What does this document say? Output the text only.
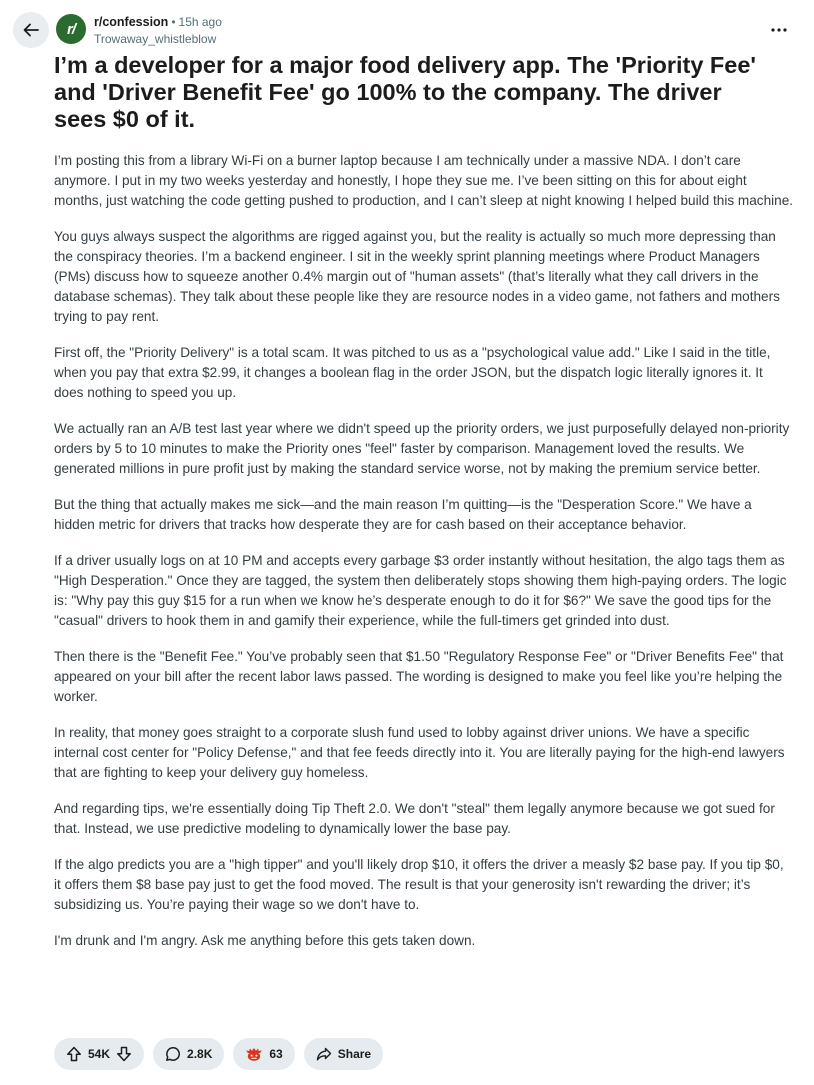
r/ r/confession • 15h ago
Trowaway_whistleblow
I’m a developer for a major food delivery app. The 'Priority Fee' and 'Driver Benefit Fee' go 100% to the company. The driver sees $0 of it.

I’m posting this from a library Wi-Fi on a burner laptop because I am technically under a massive NDA. I don’t care anymore. I put in my two weeks yesterday and honestly, I hope they sue me. I’ve been sitting on this for about eight months, just watching the code getting pushed to production, and I can’t sleep at night knowing I helped build this machine.

You guys always suspect the algorithms are rigged against you, but the reality is actually so much more depressing than the conspiracy theories. I’m a backend engineer. I sit in the weekly sprint planning meetings where Product Managers (PMs) discuss how to squeeze another 0.4% margin out of "human assets" (that’s literally what they call drivers in the database schemas). They talk about these people like they are resource nodes in a video game, not fathers and mothers trying to pay rent.

First off, the "Priority Delivery" is a total scam. It was pitched to us as a "psychological value add." Like I said in the title, when you pay that extra $2.99, it changes a boolean flag in the order JSON, but the dispatch logic literally ignores it. It does nothing to speed you up.

We actually ran an A/B test last year where we didn't speed up the priority orders, we just purposefully delayed non-priority orders by 5 to 10 minutes to make the Priority ones "feel" faster by comparison. Management loved the results. We generated millions in pure profit just by making the standard service worse, not by making the premium service better.

But the thing that actually makes me sick—and the main reason I’m quitting—is the "Desperation Score." We have a hidden metric for drivers that tracks how desperate they are for cash based on their acceptance behavior.

If a driver usually logs on at 10 PM and accepts every garbage $3 order instantly without hesitation, the algo tags them as "High Desperation." Once they are tagged, the system then deliberately stops showing them high-paying orders. The logic is: "Why pay this guy $15 for a run when we know he’s desperate enough to do it for $6?" We save the good tips for the "casual" drivers to hook them in and gamify their experience, while the full-timers get grinded into dust.

Then there is the "Benefit Fee." You’ve probably seen that $1.50 "Regulatory Response Fee" or "Driver Benefits Fee" that appeared on your bill after the recent labor laws passed. The wording is designed to make you feel like you’re helping the worker.

In reality, that money goes straight to a corporate slush fund used to lobby against driver unions. We have a specific internal cost center for "Policy Defense," and that fee feeds directly into it. You are literally paying for the high-end lawyers that are fighting to keep your delivery guy homeless.

And regarding tips, we're essentially doing Tip Theft 2.0. We don't "steal" them legally anymore because we got sued for that. Instead, we use predictive modeling to dynamically lower the base pay.

If the algo predicts you are a "high tipper" and you'll likely drop $10, it offers the driver a measly $2 base pay. If you tip $0, it offers them $8 base pay just to get the food moved. The result is that your generosity isn't rewarding the driver; it’s subsidizing us. You’re paying their wage so we don't have to.

I'm drunk and I'm angry. Ask me anything before this gets taken down.

54K	2.8K	63	Share
